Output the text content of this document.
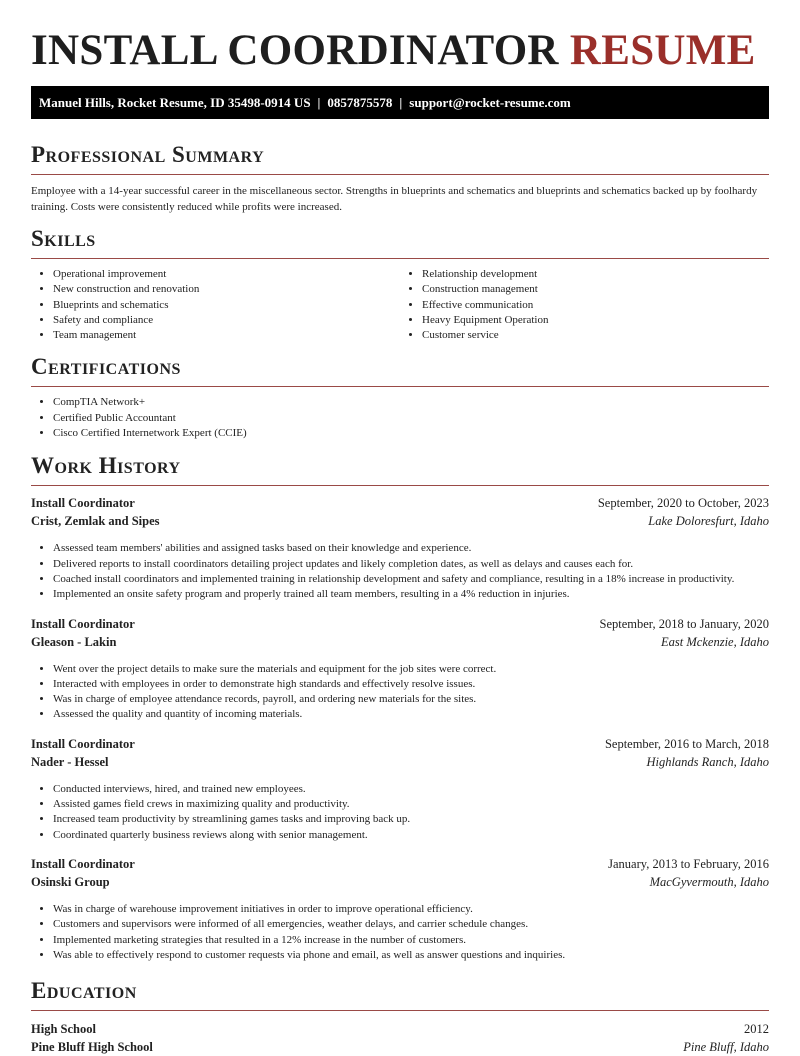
INSTALL COORDINATOR RESUME
Manuel Hills, Rocket Resume, ID 35498-0914 US | 0857875578 | support@rocket-resume.com
Professional Summary
Employee with a 14-year successful career in the miscellaneous sector. Strengths in blueprints and schematics and blueprints and schematics backed up by foolhardy training. Costs were consistently reduced while profits were increased.
Skills
• Operational improvement
• New construction and renovation
• Blueprints and schematics
• Safety and compliance
• Team management
• Relationship development
• Construction management
• Effective communication
• Heavy Equipment Operation
• Customer service
Certifications
• CompTIA Network+
• Certified Public Accountant
• Cisco Certified Internetwork Expert (CCIE)
Work History
Install Coordinator	September, 2020 to October, 2023
Crist, Zemlak and Sipes	Lake Doloresfurt, Idaho
• Assessed team members' abilities and assigned tasks based on their knowledge and experience.
• Delivered reports to install coordinators detailing project updates and likely completion dates, as well as delays and causes each for.
• Coached install coordinators and implemented training in relationship development and safety and compliance, resulting in a 18% increase in productivity.
• Implemented an onsite safety program and properly trained all team members, resulting in a 4% reduction in injuries.
Install Coordinator	September, 2018 to January, 2020
Gleason - Lakin	East Mckenzie, Idaho
• Went over the project details to make sure the materials and equipment for the job sites were correct.
• Interacted with employees in order to demonstrate high standards and effectively resolve issues.
• Was in charge of employee attendance records, payroll, and ordering new materials for the sites.
• Assessed the quality and quantity of incoming materials.
Install Coordinator	September, 2016 to March, 2018
Nader - Hessel	Highlands Ranch, Idaho
• Conducted interviews, hired, and trained new employees.
• Assisted games field crews in maximizing quality and productivity.
• Increased team productivity by streamlining games tasks and improving back up.
• Coordinated quarterly business reviews along with senior management.
Install Coordinator	January, 2013 to February, 2016
Osinski Group	MacGyvermouth, Idaho
• Was in charge of warehouse improvement initiatives in order to improve operational efficiency.
• Customers and supervisors were informed of all emergencies, weather delays, and carrier schedule changes.
• Implemented marketing strategies that resulted in a 12% increase in the number of customers.
• Was able to effectively respond to customer requests via phone and email, as well as answer questions and inquiries.
Education
High School	2012
Pine Bluff High School	Pine Bluff, Idaho
